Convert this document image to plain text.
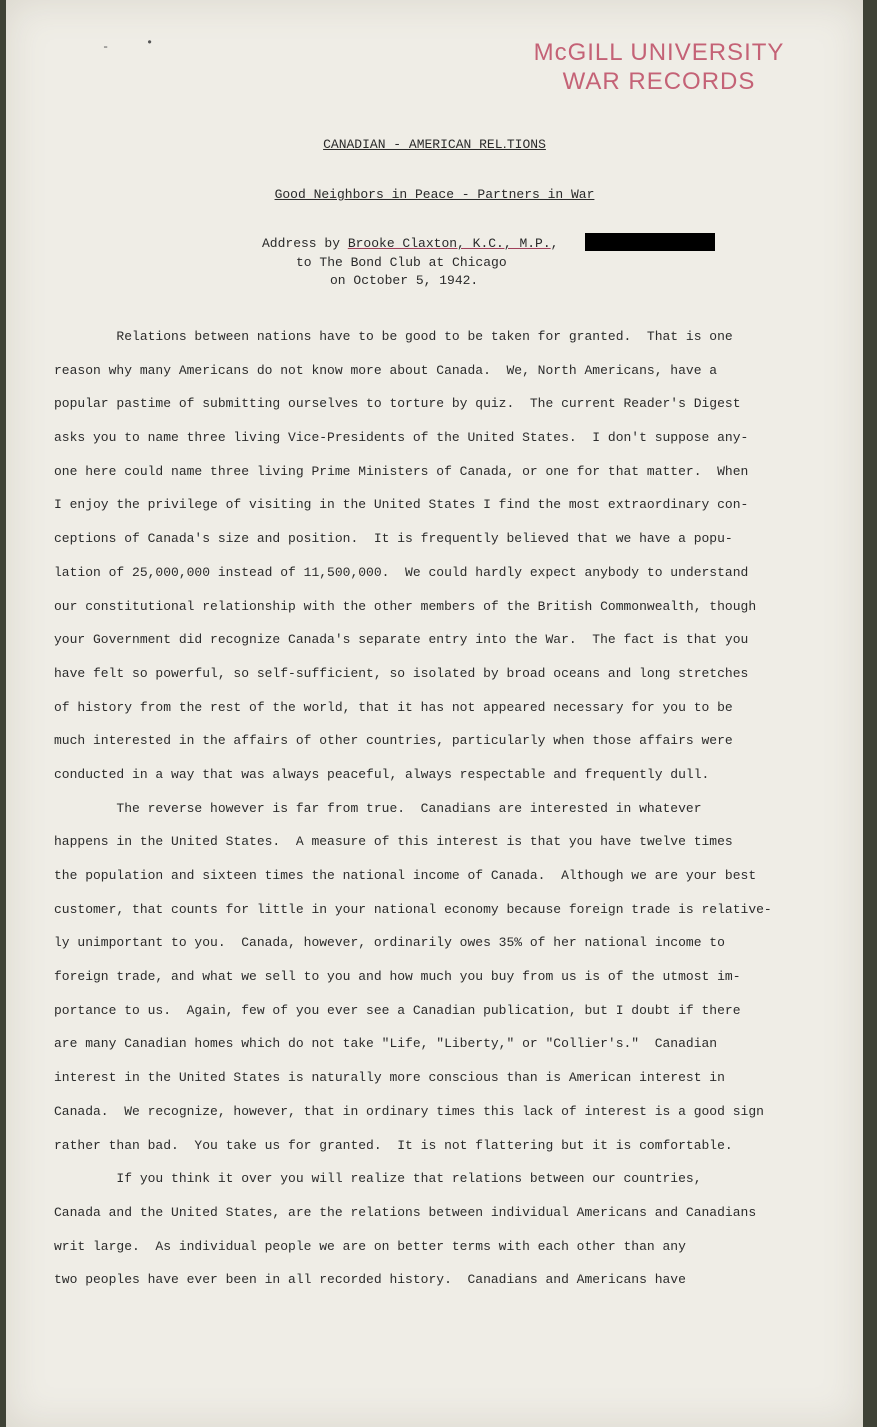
-	•	McGILL UNIVERSITY
WAR RECORDS
CANADIAN - AMERICAN REL․TIONS
Good Neighbors in Peace - Partners in War
Address by Brooke Claxton, K.C., M.P.,
to The Bond Club at Chicago
on October 5, 1942.
Relations between nations have to be good to be taken for granted.  That is one
reason why many Americans do not know more about Canada.  We, North Americans, have a
popular pastime of submitting ourselves to torture by quiz.  The current Reader's Digest
asks you to name three living Vice-Presidents of the United States.  I don't suppose any-
one here could name three living Prime Ministers of Canada, or one for that matter.  When
I enjoy the privilege of visiting in the United States I find the most extraordinary con-
ceptions of Canada's size and position.  It is frequently believed that we have a popu-
lation of 25,000,000 instead of 11,500,000.  We could hardly expect anybody to understand
our constitutional relationship with the other members of the British Commonwealth, though
your Government did recognize Canada's separate entry into the War.  The fact is that you
have felt so powerful, so self-sufficient, so isolated by broad oceans and long stretches
of history from the rest of the world, that it has not appeared necessary for you to be
much interested in the affairs of other countries, particularly when those affairs were
conducted in a way that was always peaceful, always respectable and frequently dull.
The reverse however is far from true.  Canadians are interested in whatever
happens in the United States.  A measure of this interest is that you have twelve times
the population and sixteen times the national income of Canada.  Although we are your best
customer, that counts for little in your national economy because foreign trade is relative-
ly unimportant to you.  Canada, however, ordinarily owes 35% of her national income to
foreign trade, and what we sell to you and how much you buy from us is of the utmost im-
portance to us.  Again, few of you ever see a Canadian publication, but I doubt if there
are many Canadian homes which do not take "Life, "Liberty," or "Collier's."  Canadian
interest in the United States is naturally more conscious than is American interest in
Canada.  We recognize, however, that in ordinary times this lack of interest is a good sign
rather than bad.  You take us for granted.  It is not flattering but it is comfortable.
If you think it over you will realize that relations between our countries,
Canada and the United States, are the relations between individual Americans and Canadians
writ large.  As individual people we are on better terms with each other than any
two peoples have ever been in all recorded history.  Canadians and Americans have
